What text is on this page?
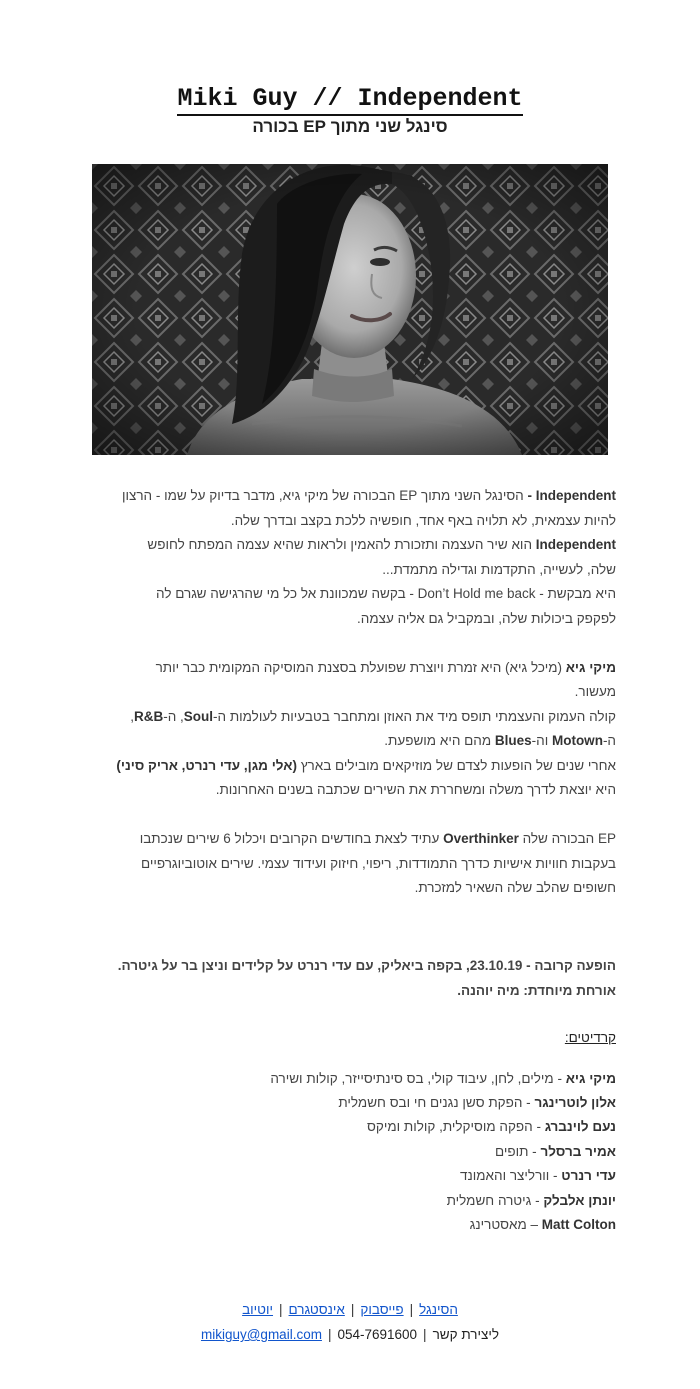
Miki Guy // Independent
סינגל שני מתוך EP בכורה

Independent - הסינגל השני מתוך EP הבכורה של מיקי גיא, מדבר בדיוק על שמו - הרצון להיות עצמאית, לא תלויה באף אחד, חופשיה ללכת בקצב ובדרך שלה.

Independent הוא שיר העצמה ותזכורת להאמין ולראות שהיא עצמה המפתח לחופש שלה, לעשייה, התקדמות וגדילה מתמדת...

היא מבקשת - Don’t Hold me back - בקשה שמכוונת אל כל מי שהרגישה שגרם לה לפקפק ביכולות שלה, ובמקביל גם אליה עצמה.

מיקי גיא (מיכל גיא) היא זמרת ויוצרת שפועלת בסצנת המוסיקה המקומית כבר יותר מעשור.

קולה העמוק והעצמתי תופס מיד את האוזן ומתחבר בטבעיות לעולמות ה-Soul, ה-R&B, ה-Motown וה-Blues מהם היא מושפעת.

אחרי שנים של הופעות לצדם של מוזיקאים מובילים בארץ (אלי מגן, עדי רנרט, אריק סיני) היא יוצאת לדרך משלה ומשחררת את השירים שכתבה בשנים האחרונות.

EP הבכורה שלה Overthinker עתיד לצאת בחודשים הקרובים ויכלול 6 שירים שנכתבו בעקבות חוויות אישיות כדרך התמודדות, ריפוי, חיזוק ועידוד עצמי. שירים אוטוביוגרפיים חשופים שהלב שלה השאיר למזכרת.

הופעה קרובה - 23.10.19, בקפה ביאליק, עם עדי רנרט על קלידים וניצן בר על גיטרה.

אורחת מיוחדת: מיה יוהנה.

קרדיטים:

מיקי גיא - מילים, לחן, עיבוד קולי, בס סינתיסייזר, קולות ושירה

אלון לוטרינגר - הפקת סשן נגנים חי ובס חשמלית

נעם לוינברג - הפקה מוסיקלית, קולות ומיקס

אמיר ברסלר - תופים

עדי רנרט - וורליצר והאמונד

יונתן אלבלק - גיטרה חשמלית

Matt Colton – מאסטרינג

הסינגל|פייסבוק|אינסטגרם|יוטיוב
ליצירת קשר|mikiguy@gmail.com | 054-7691600
